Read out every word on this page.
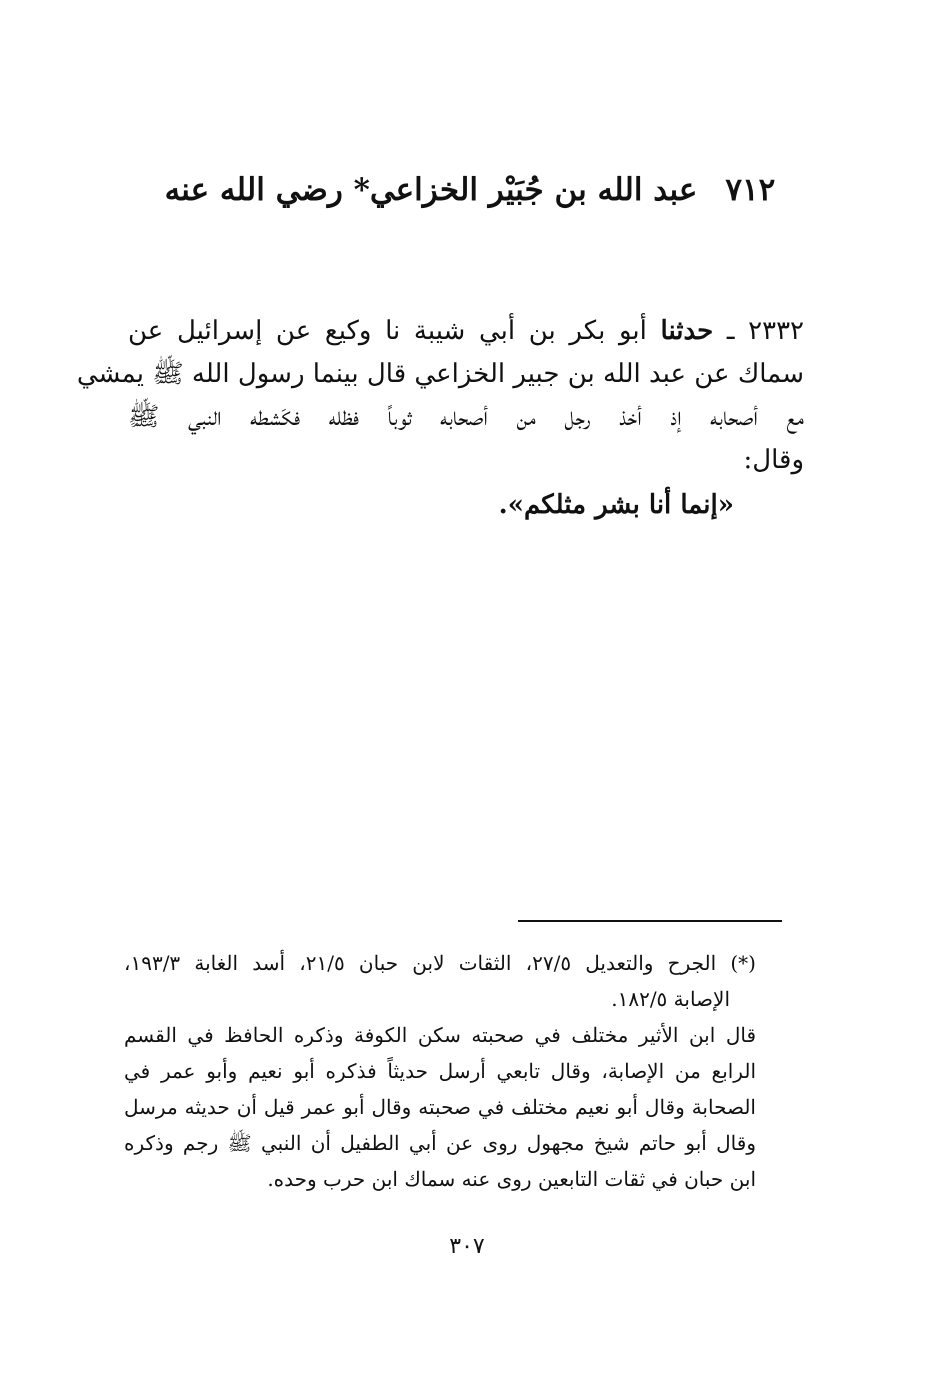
٧١٢عبد الله بن جُبَيْر الخزاعي* رضي الله عنه
٢٣٣٢ ـ حدثنا أبو بكر بن أبي شيبة نا وكيع عن إسرائيل عن
سماك عن عبد الله بن جبير الخزاعي قال بينما رسول الله ﷺ يمشي
مع أصحابه إذ أخذ رجل من أصحابه ثوباً فظله فكَشطه النبي ﷺ
وقال:
«إنما أنا بشر مثلكم».
(*) الجرح والتعديل ٢٧/٥، الثقات لابن حبان ٢١/٥، أسد الغابة ١٩٣/٣،
الإصابة ١٨٢/٥.
قال ابن الأثير مختلف في صحبته سكن الكوفة وذكره الحافظ في القسم
الرابع من الإصابة، وقال تابعي أرسل حديثاً فذكره أبو نعيم وأبو عمر في
الصحابة وقال أبو نعيم مختلف في صحبته وقال أبو عمر قيل أن حديثه مرسل
وقال أبو حاتم شيخ مجهول روى عن أبي الطفيل أن النبي ﷺ رجم وذكره
ابن حبان في ثقات التابعين روى عنه سماك ابن حرب وحده.
٣٠٧
